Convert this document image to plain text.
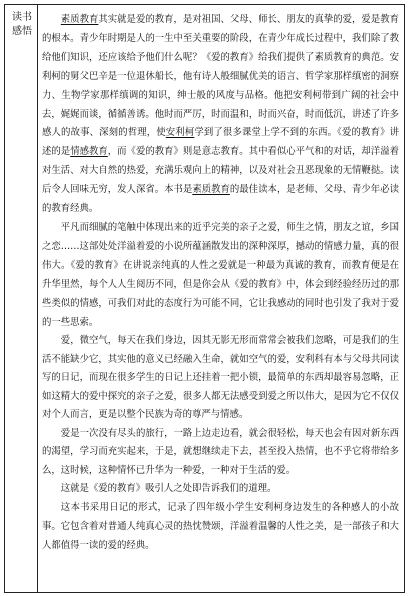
读书
感悟

素质教育其实就是爱的教育，是对祖国、父母、师长、朋友的真挚的爱，爱是教育的根本。青少年时期是人的一生中至关重要的阶段，在青少年成长过程中，我们除了教给他们知识，还应该给予他们什么呢？《爱的教育》给我们提供了素质教育的典范。安利柯的舅父巴辛是一位退休船长，他有诗人般细腻优美的语言、哲学家那样缜密的洞察力、生物学家那样缜调的知识，绅士般的风度与品格。他把安利柯带到广阔的社会中去，娓娓而谈，循循善诱。他时而严厉，时而温和，时而兴奋，时而低沉，讲述了许多感人的故事、深刻的哲理，使安利柯学到了很多课堂上学不到的东西。《爱的教育》讲述的是情感教育，而《爱的教育》则是意志教育。其中看似心平气和的对话，却洋溢着对生活、对大自然的热爱，充满乐观向上的精神，以及对社会丑恶现象的无情鞭挞。读后令人回味无穷，发人深省。本书是素质教育的最佳读本，是老师、父母、青少年必读的教育经典。

平凡而细腻的笔触中体现出来的近乎完美的亲子之爱，师生之情，朋友之谊，乡国之恋……这部处处洋溢着爱的小说所蕴涵散发出的深种深厚，撼动的情感力量，真的很伟大。《爱的教育》在讲说亲纯真的人性之爱就是一种最为真诚的教育，而教育便是在升华里然，每个人人生阅历不同，但是你会从《爱的教育》中，体会到经验经历过的那些类似的情感，可我们对此的态度行为可能不同，它让我感动的同时也引发了我对于爱的一些思索。

爱，微空气，每天在我们身边，因其无影无形而常常会被我们忽略，可是我们的生活不能缺少它，其实他的意义已经融入生命，就如空气的爱，安利科有本与父母共同读写的日记，而现在很多学生的日记上还挂着一把小锁，最简单的东西却最容易忽略，正如这精大的爱中探究的亲子之爱，很多人都无法感受到爱之所以伟大，是因为它不仅仅对个人而言，更是以整个民族为奇的尊严与情感。

爱是一次没有尽头的旅行，一路上边走边看，就会很轻松，每天也会有因对新东西的渴望，学习而充实起来，于是，就想继续走下去，甚至投入热情，也不乎它将带给多么，这时候，这种情怀已升华为一种爱，一种对于生活的爱。

这就是《爱的教育》吸引人之处即告诉我们的道理。

这本书采用日记的形式，记录了四年级小学生安利柯身边发生的各种感人的小故事。它包含着对普通人纯真心灵的热忱赞颂，洋溢着温馨的人性之美，是一部孩子和大人都值得一读的爱的经典。
